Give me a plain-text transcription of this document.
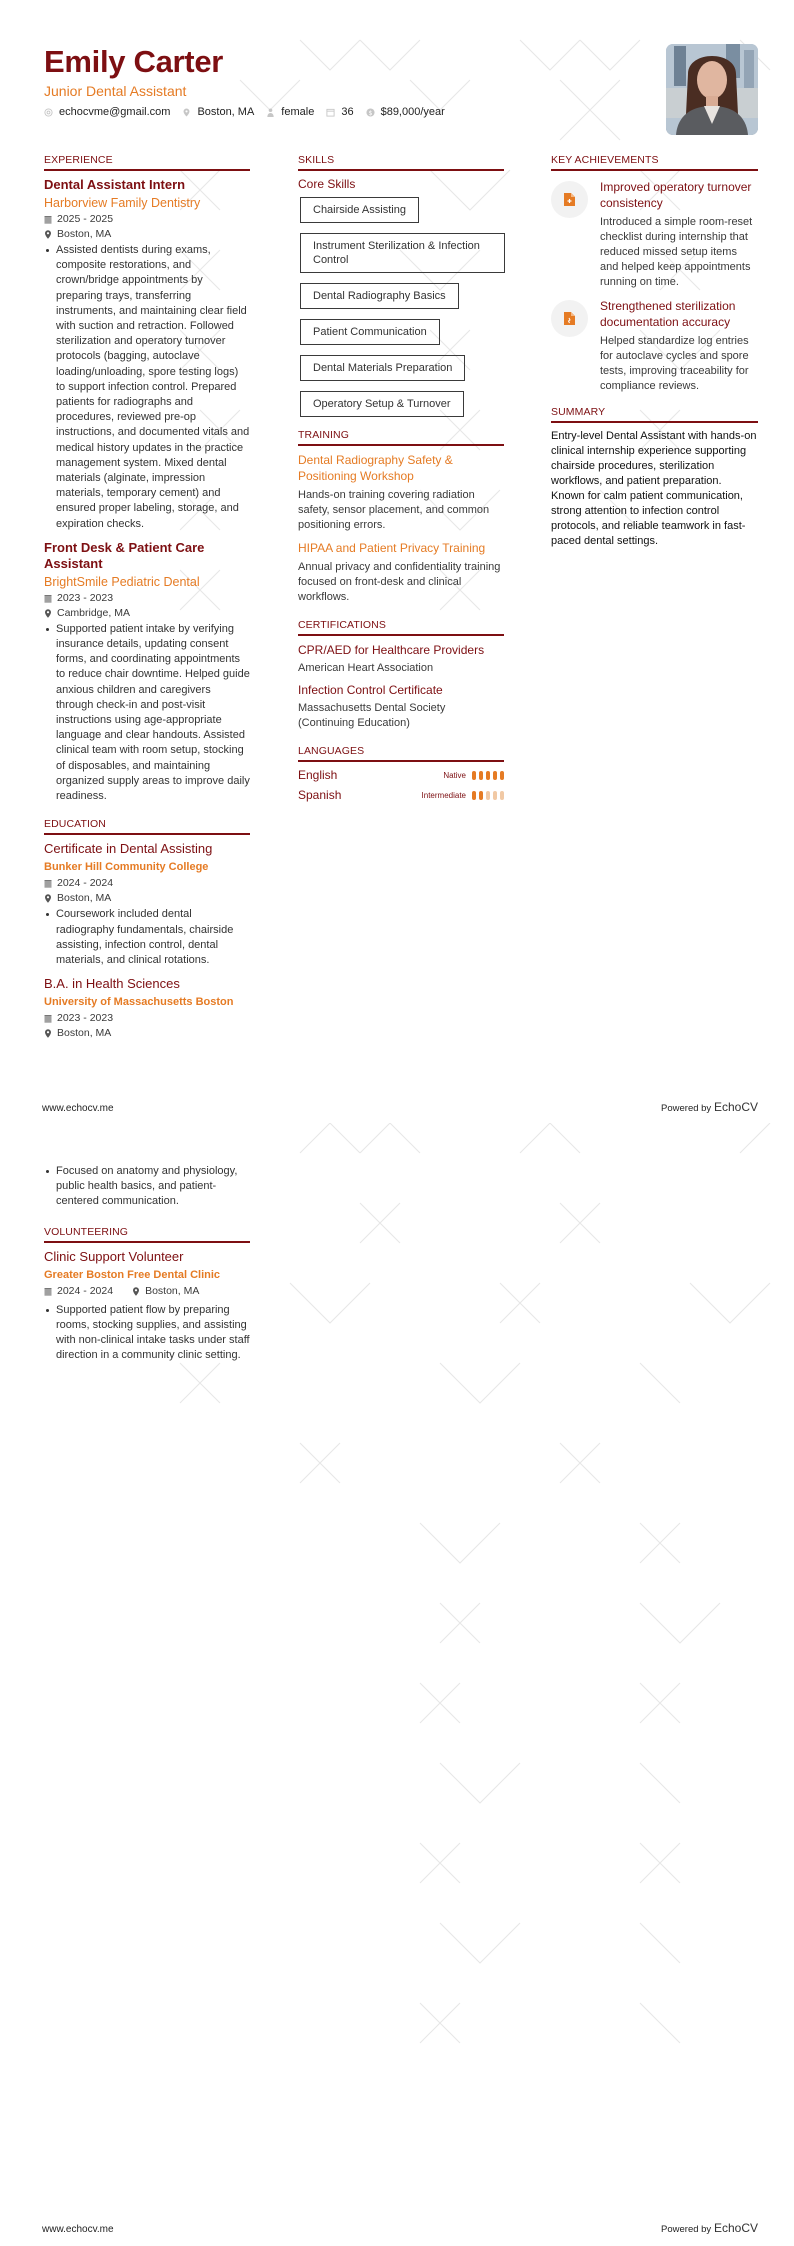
Emily Carter
Junior Dental Assistant
echocvme@gmail.com Boston, MA female 36 $ $89,000/year
EXPERIENCE
Dental Assistant Intern
Harborview Family Dentistry
2025 - 2025
Boston, MA
Assisted dentists during exams, composite restorations, and crown/bridge appointments by preparing trays, transferring instruments, and maintaining clear field with suction and retraction. Followed sterilization and operatory turnover protocols (bagging, autoclave loading/unloading, spore testing logs) to support infection control. Prepared patients for radiographs and procedures, reviewed pre-op instructions, and documented vitals and medical history updates in the practice management system. Mixed dental materials (alginate, impression materials, temporary cement) and ensured proper labeling, storage, and expiration checks.
Front Desk & Patient Care Assistant
BrightSmile Pediatric Dental
2023 - 2023
Cambridge, MA
Supported patient intake by verifying insurance details, updating consent forms, and coordinating appointments to reduce chair downtime. Helped guide anxious children and caregivers through check-in and post-visit instructions using age-appropriate language and clear handouts. Assisted clinical team with room setup, stocking of disposables, and maintaining organized supply areas to improve daily readiness.
EDUCATION
Certificate in Dental Assisting
Bunker Hill Community College
2024 - 2024
Boston, MA
Coursework included dental radiography fundamentals, chairside assisting, infection control, dental materials, and clinical rotations.
B.A. in Health Sciences
University of Massachusetts Boston
2023 - 2023
Boston, MA
SKILLS
Core Skills
Chairside Assisting
Instrument Sterilization & Infection Control
Dental Radiography Basics
Patient Communication
Dental Materials Preparation
Operatory Setup & Turnover
TRAINING
Dental Radiography Safety & Positioning Workshop
Hands-on training covering radiation safety, sensor placement, and common positioning errors.
HIPAA and Patient Privacy Training
Annual privacy and confidentiality training focused on front-desk and clinical workflows.
CERTIFICATIONS
CPR/AED for Healthcare Providers
American Heart Association
Infection Control Certificate
Massachusetts Dental Society (Continuing Education)
LANGUAGES
English	Native
Spanish	Intermediate
KEY ACHIEVEMENTS
Improved operatory turnover consistency
Introduced a simple room-reset checklist during internship that reduced missed setup items and helped keep appointments running on time.
Strengthened sterilization documentation accuracy
Helped standardize log entries for autoclave cycles and spore tests, improving traceability for compliance reviews.
SUMMARY
Entry-level Dental Assistant with hands-on clinical internship experience supporting chairside procedures, sterilization workflows, and patient preparation. Known for calm patient communication, strong attention to infection control protocols, and reliable teamwork in fast-paced dental settings.
www.echocv.me	Powered by EchoCV
Focused on anatomy and physiology, public health basics, and patient-centered communication.
VOLUNTEERING
Clinic Support Volunteer
Greater Boston Free Dental Clinic
2024 - 2024	Boston, MA
Supported patient flow by preparing rooms, stocking supplies, and assisting with non-clinical intake tasks under staff direction in a community clinic setting.
www.echocv.me	Powered by EchoCV
